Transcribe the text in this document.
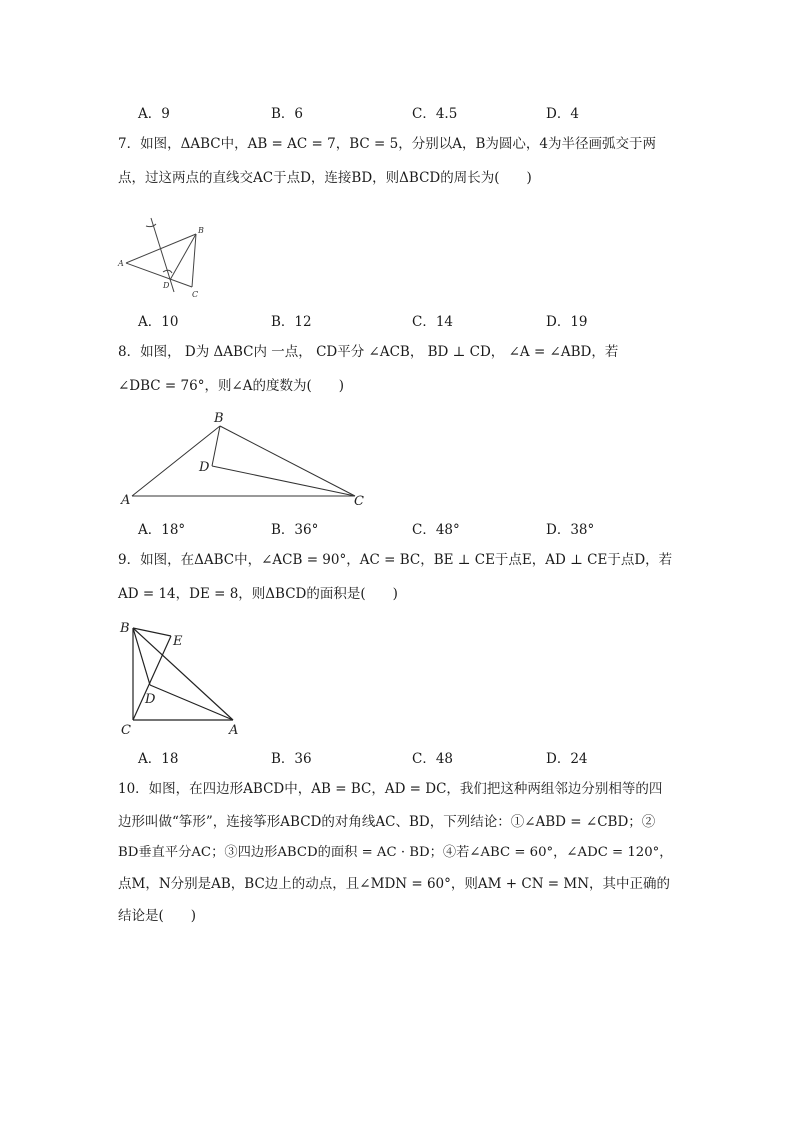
A．9	B．6	C．4.5	D．4
7．如图，ΔABC中，AB = AC = 7，BC = 5，分别以A，B为圆心，4为半径画弧交于两
点，过这两点的直线交AC于点D，连接BD，则ΔBCD的周长为(　　)
A
B
C
D
A．10	B．12	C．14	D．19
8．如图， D为 ΔABC内 一点， CD平分 ∠ACB， BD ⊥ CD， ∠A = ∠ABD，若
∠DBC = 76°，则∠A的度数为(　　)
A
B
C
D
A．18°	B．36°	C．48°	D．38°
9．如图，在ΔABC中，∠ACB = 90°，AC = BC，BE ⊥ CE于点E，AD ⊥ CE于点D，若
AD = 14，DE = 8，则ΔBCD的面积是(　　)
B
E
D
C	A
A．18	B．36	C．48	D．24
10．如图，在四边形ABCD中，AB = BC，AD = DC，我们把这种两组邻边分别相等的四
边形叫做“筝形”，连接筝形ABCD的对角线AC、BD，下列结论：①∠ABD = ∠CBD；②
BD垂直平分AC；③四边形ABCD的面积 = AC · BD；④若∠ABC = 60°，∠ADC = 120°，
点M，N分别是AB，BC边上的动点，且∠MDN = 60°，则AM + CN = MN，其中正确的
结论是(　　)
